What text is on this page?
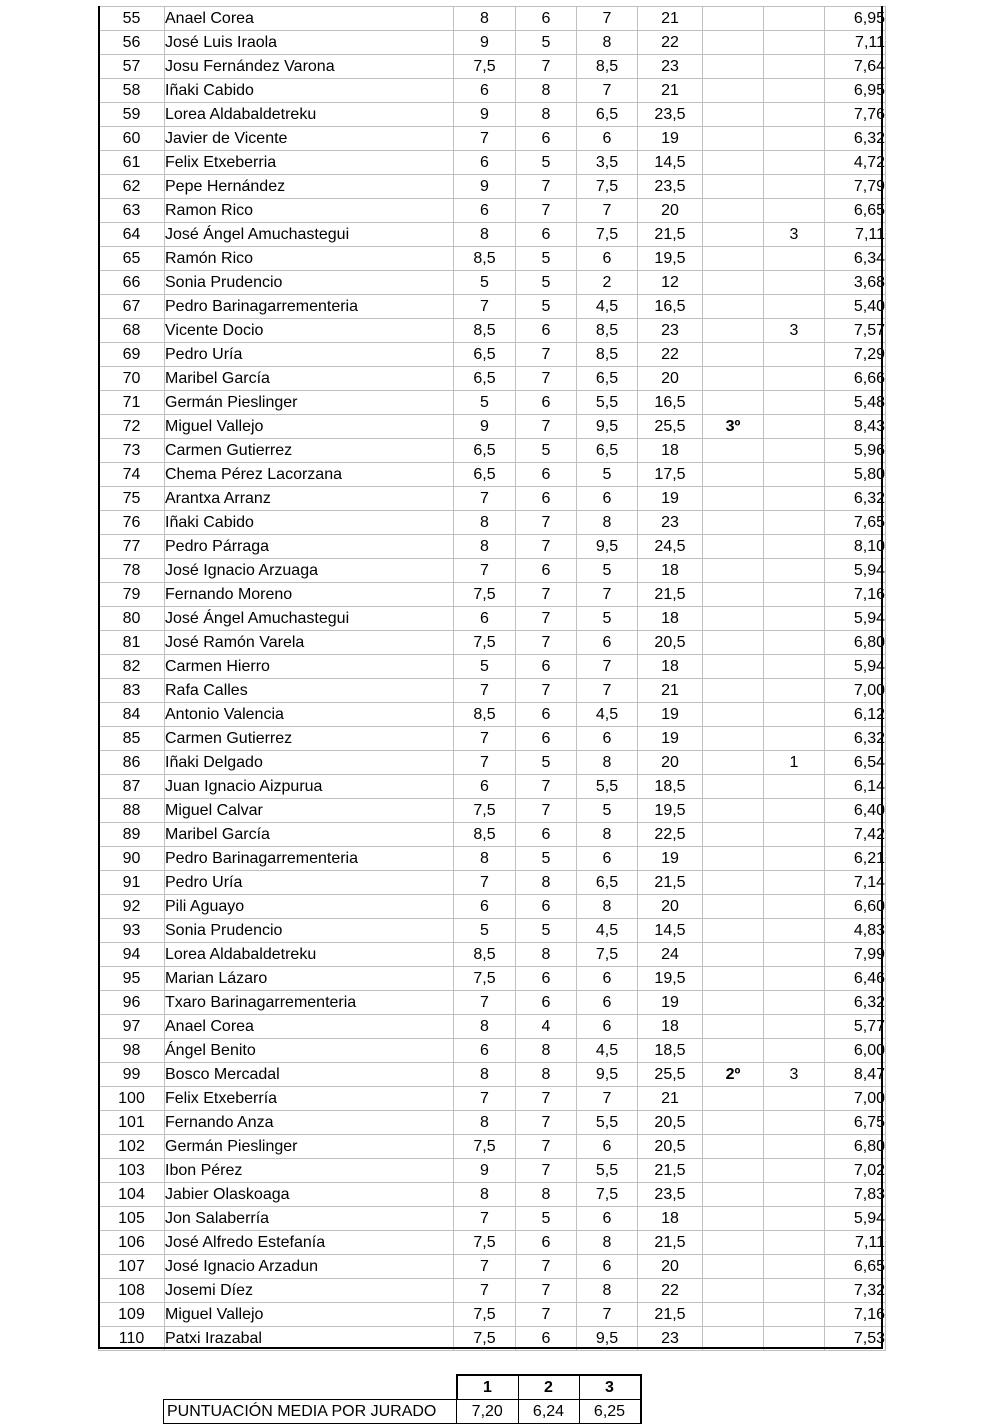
55	Anael Corea	8	6	7	21			6,95
56	José Luis Iraola	9	5	8	22			7,11
57	Josu Fernández Varona	7,5	7	8,5	23			7,64
58	Iñaki Cabido	6	8	7	21			6,95
59	Lorea Aldabaldetreku	9	8	6,5	23,5			7,76
60	Javier de Vicente	7	6	6	19			6,32
61	Felix Etxeberria	6	5	3,5	14,5			4,72
62	Pepe Hernández	9	7	7,5	23,5			7,79
63	Ramon Rico	6	7	7	20			6,65
64	José Ángel Amuchastegui	8	6	7,5	21,5		3	7,11
65	Ramón Rico	8,5	5	6	19,5			6,34
66	Sonia Prudencio	5	5	2	12			3,68
67	Pedro Barinagarrementeria	7	5	4,5	16,5			5,40
68	Vicente Docio	8,5	6	8,5	23		3	7,57
69	Pedro Uría	6,5	7	8,5	22			7,29
70	Maribel García	6,5	7	6,5	20			6,66
71	Germán Pieslinger	5	6	5,5	16,5			5,48
72	Miguel Vallejo	9	7	9,5	25,5	3º		8,43
73	Carmen Gutierrez	6,5	5	6,5	18			5,96
74	Chema Pérez Lacorzana	6,5	6	5	17,5			5,80
75	Arantxa Arranz	7	6	6	19			6,32
76	Iñaki Cabido	8	7	8	23			7,65
77	Pedro Párraga	8	7	9,5	24,5			8,10
78	José Ignacio Arzuaga	7	6	5	18			5,94
79	Fernando Moreno	7,5	7	7	21,5			7,16
80	José Ángel Amuchastegui	6	7	5	18			5,94
81	José Ramón Varela	7,5	7	6	20,5			6,80
82	Carmen Hierro	5	6	7	18			5,94
83	Rafa Calles	7	7	7	21			7,00
84	Antonio Valencia	8,5	6	4,5	19			6,12
85	Carmen Gutierrez	7	6	6	19			6,32
86	Iñaki Delgado	7	5	8	20		1	6,54
87	Juan Ignacio Aizpurua	6	7	5,5	18,5			6,14
88	Miguel Calvar	7,5	7	5	19,5			6,40
89	Maribel García	8,5	6	8	22,5			7,42
90	Pedro Barinagarrementeria	8	5	6	19			6,21
91	Pedro Uría	7	8	6,5	21,5			7,14
92	Pili Aguayo	6	6	8	20			6,60
93	Sonia Prudencio	5	5	4,5	14,5			4,83
94	Lorea Aldabaldetreku	8,5	8	7,5	24			7,99
95	Marian Lázaro	7,5	6	6	19,5			6,46
96	Txaro Barinagarrementeria	7	6	6	19			6,32
97	Anael Corea	8	4	6	18			5,77
98	Ángel Benito	6	8	4,5	18,5			6,00
99	Bosco Mercadal	8	8	9,5	25,5	2º	3	8,47
100	Felix Etxeberría	7	7	7	21			7,00
101	Fernando Anza	8	7	5,5	20,5			6,75
102	Germán Pieslinger	7,5	7	6	20,5			6,80
103	Ibon Pérez	9	7	5,5	21,5			7,02
104	Jabier Olaskoaga	8	8	7,5	23,5			7,83
105	Jon Salaberría	7	5	6	18			5,94
106	José Alfredo Estefanía	7,5	6	8	21,5			7,11
107	José Ignacio Arzadun	7	7	6	20			6,65
108	Josemi Díez	7	7	8	22			7,32
109	Miguel Vallejo	7,5	7	7	21,5			7,16
110	Patxi Irazabal	7,5	6	9,5	23			7,53
	1	2	3
PUNTUACIÓN MEDIA POR JURADO	7,20	6,24	6,25
